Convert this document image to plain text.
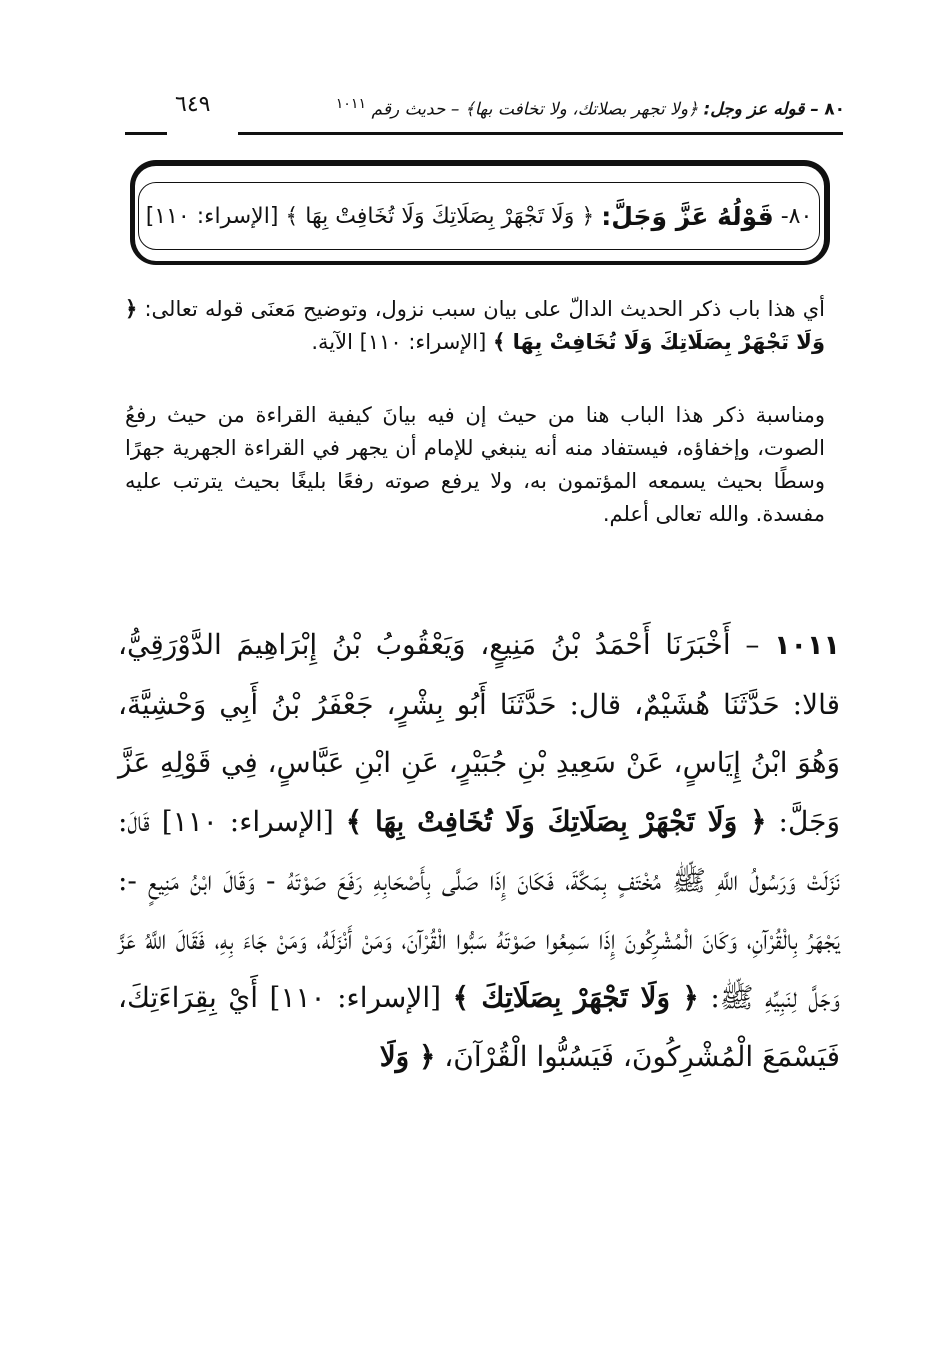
٨٠ – قوله عز وجل: ﴿ولا تجهر بصلاتك، ولا تخافت بها﴾ – حديث رقم $^{١٠١١}$
٦٤٩
٨٠-

قَوْلُهُ عَزَّ وَجَلَّ:

﴿ وَلَا تَجْهَرْ بِصَلَاتِكَ وَلَا تُخَافِتْ بِهَا ﴾

[الإسراء: ١١٠]

أي هذا باب ذكر الحديث الدالّ على بيان سبب نزول، وتوضيح مَعنَى قوله تعالى: ﴿ وَلَا تَجْهَرْ بِصَلَاتِكَ وَلَا تُخَافِتْ بِهَا ﴾ [الإسراء: ١١٠] الآية.

ومناسبة ذكر هذا الباب هنا من حيث إن فيه بيانَ كيفية القراءة من حيث رفعُ الصوت، وإخفاؤه، فيستفاد منه أنه ينبغي للإمام أن يجهر في القراءة الجهرية جهرًا وسطًا بحيث يسمعه المؤتمون به، ولا يرفع صوته رفعًا بليغًا بحيث يترتب عليه مفسدة. والله تعالى أعلم.

١٠١١ – أَخْبَرَنَا أَحْمَدُ بْنُ مَنِيعٍ، وَيَعْقُوبُ بْنُ إِبْرَاهِيمَ الدَّوْرَقِيُّ، قالا: حَدَّثَنَا هُشَيْمٌ، قال: حَدَّثَنَا أَبُو بِشْرٍ، جَعْفَرُ بْنُ أَبِي وَحْشِيَّةَ، وَهُوَ ابْنُ إِيَاسٍ، عَنْ سَعِيدِ بْنِ جُبَيْرٍ، عَنِ ابْنِ عَبَّاسٍ، فِي قَوْلِهِ عَزَّ وَجَلَّ: ﴿ وَلَا تَجْهَرْ بِصَلَاتِكَ وَلَا تُخَافِتْ بِهَا ﴾ [الإسراء: ١١٠] قَالَ: نَزَلَتْ وَرَسُولُ اللَّهِ ﷺ مُخْتَفٍ بِمَكَّةَ، فَكَانَ إِذَا صَلَّى بِأَصْحَابِهِ رَفَعَ صَوْتَهُ - وَقَالَ ابْنُ مَنِيعٍ -: يَجْهَرُ بِالْقُرْآنِ، وَكَانَ الْمُشْرِكُونَ إِذَا سَمِعُوا صَوْتَهُ سَبُّوا الْقُرْآنَ، وَمَنْ أَنْزَلَهُ، وَمَنْ جَاءَ بِهِ، فَقَالَ اللَّهُ عَزَّ وَجَلَّ لِنَبِيِّهِ ﷺ: ﴿ وَلَا تَجْهَرْ بِصَلَاتِكَ ﴾ [الإسراء: ١١٠] أَيْ بِقِرَاءَتِكَ، فَيَسْمَعَ الْمُشْرِكُونَ، فَيَسُبُّوا الْقُرْآنَ، ﴿ وَلَا
